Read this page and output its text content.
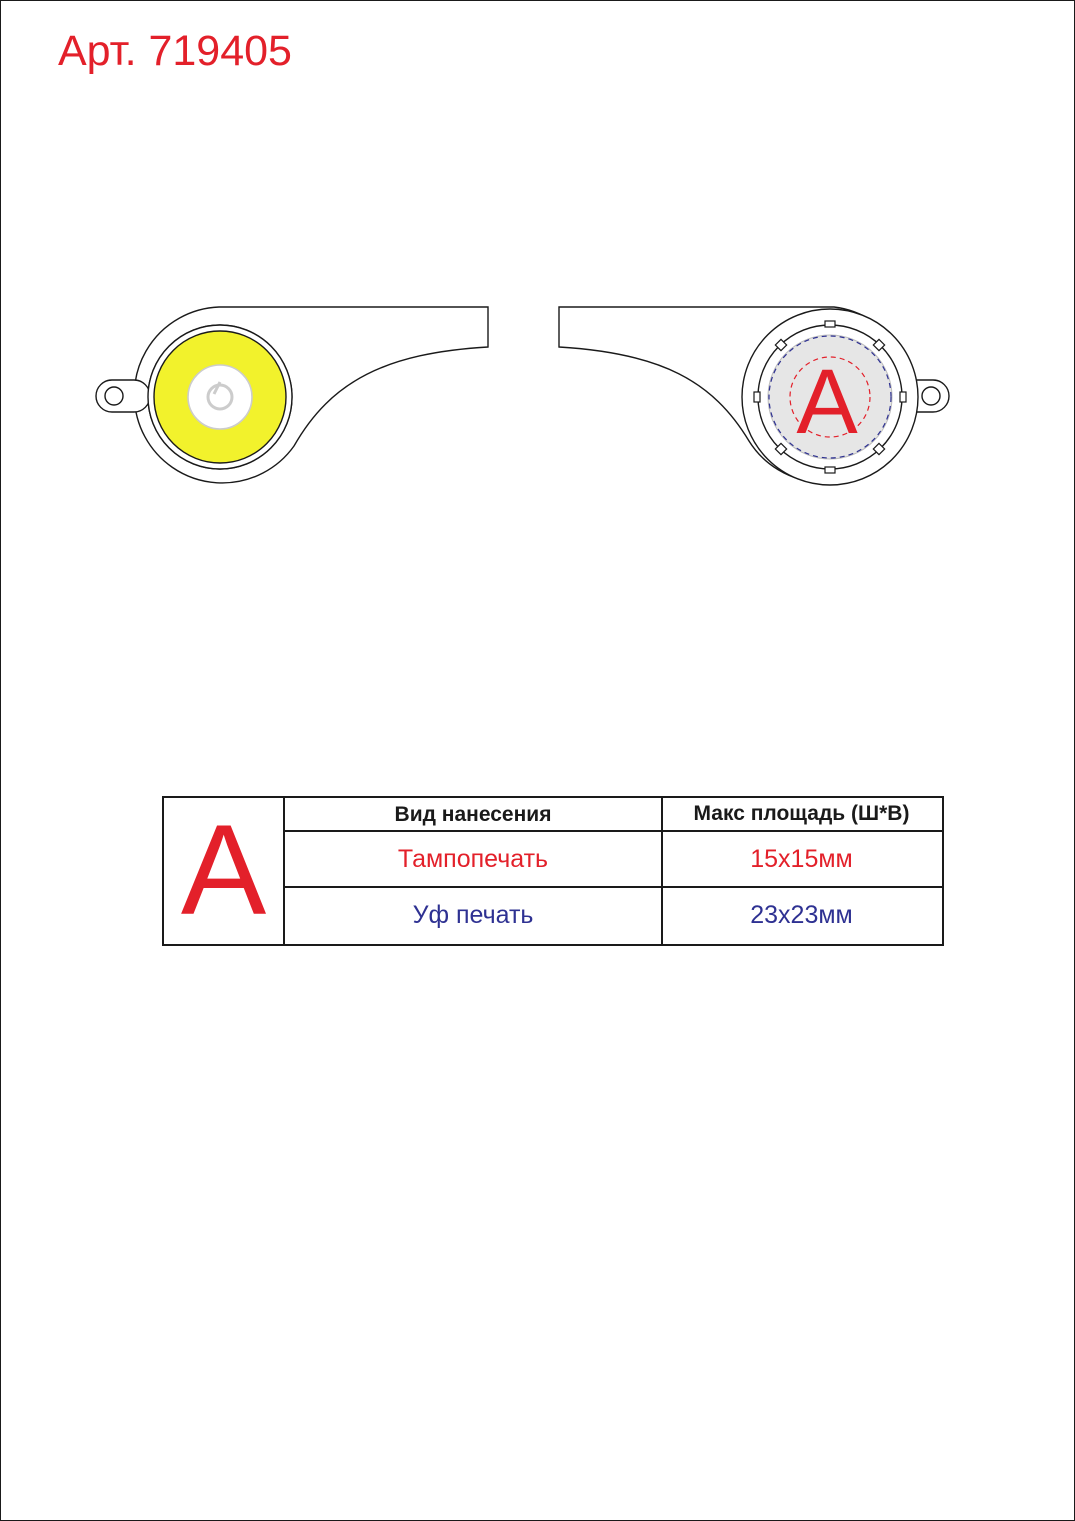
Арт. 719405
A
A	Вид нанесения	Макс площадь (Ш*В)
Тампопечать	15x15мм
Уф печать	23x23мм
